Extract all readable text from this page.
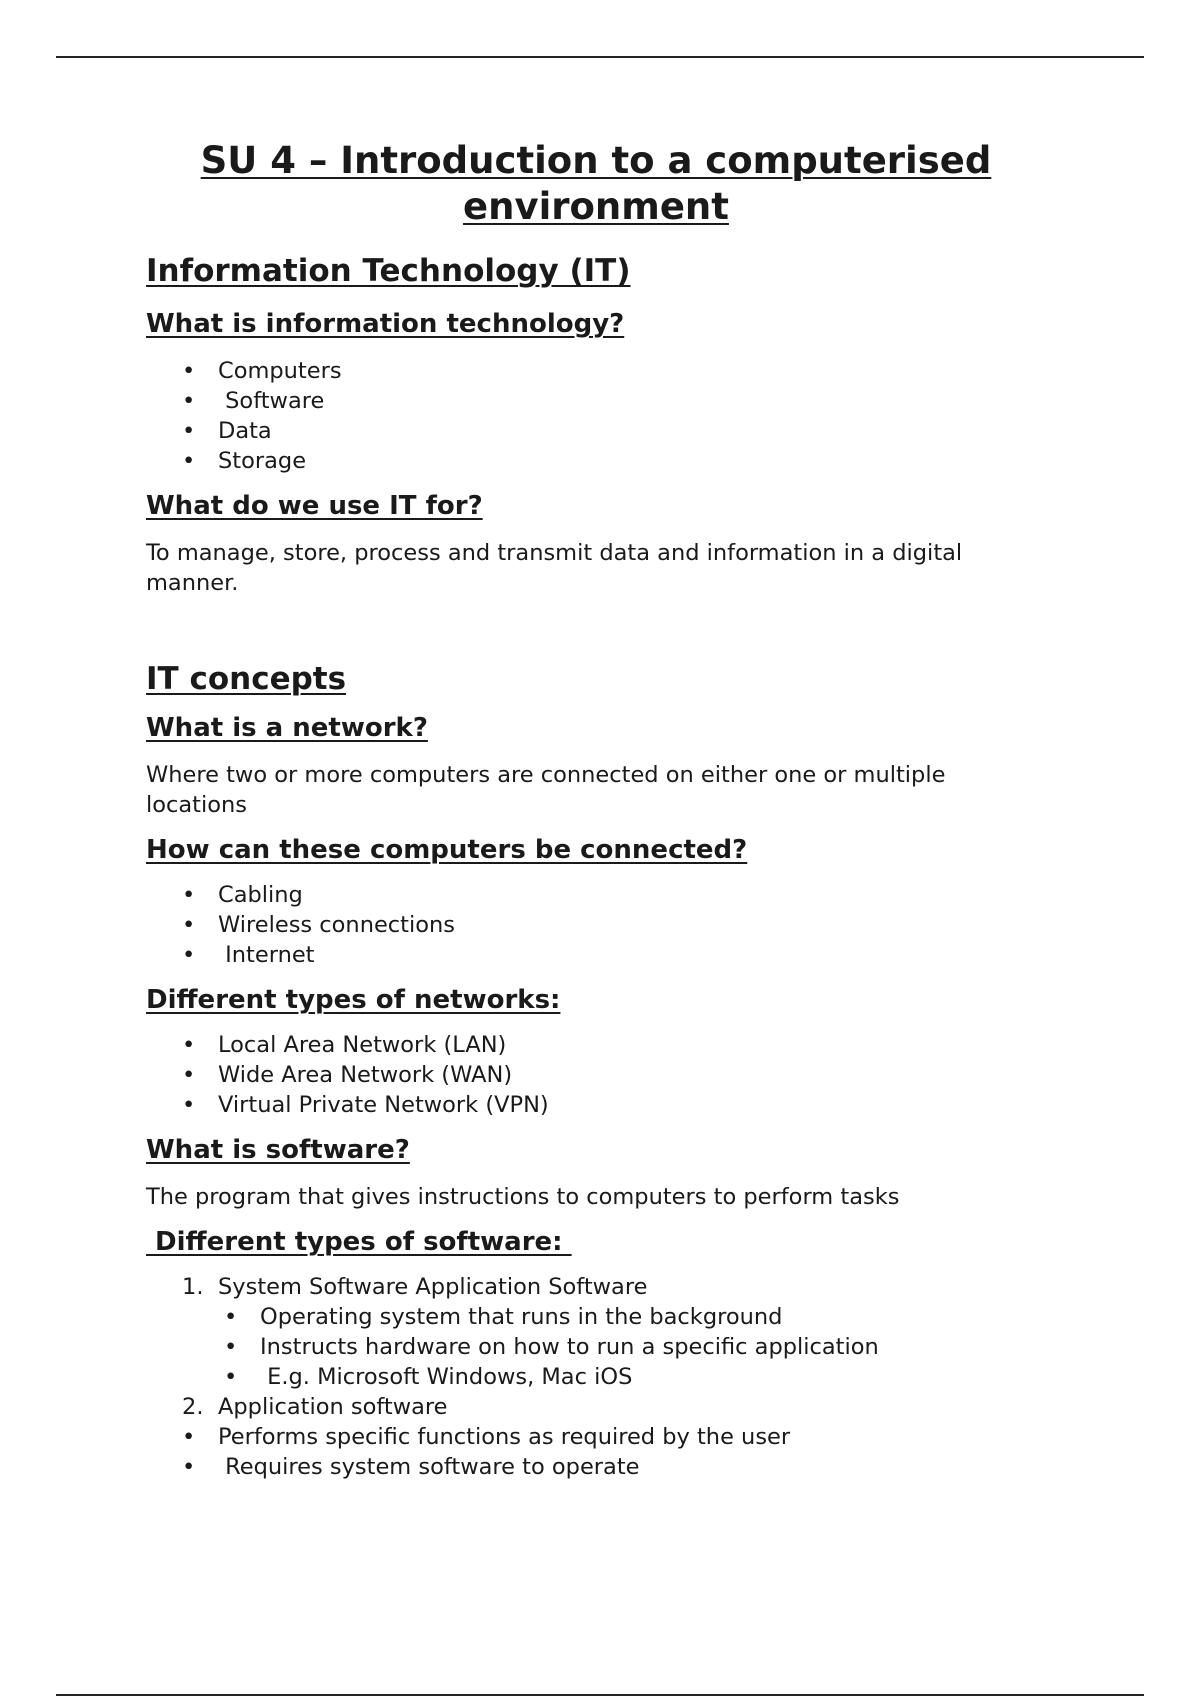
SU 4 – Introduction to a computerised environment
Information Technology (IT)
What is information technology?
• Computers
• Software
• Data
• Storage
What do we use IT for?

To manage, store, process and transmit data and information in a digital manner.

IT concepts
What is a network?

Where two or more computers are connected on either one or multiple locations

How can these computers be connected?
• Cabling
• Wireless connections
• Internet
Different types of networks:
• Local Area Network (LAN)
• Wide Area Network (WAN)
• Virtual Private Network (VPN)
What is software?

The program that gives instructions to computers to perform tasks

Different types of software:
1. System Software Application Software
• Operating system that runs in the background
• Instructs hardware on how to run a specific application
• E.g. Microsoft Windows, Mac iOS
2. Application software
• Performs specific functions as required by the user
• Requires system software to operate
